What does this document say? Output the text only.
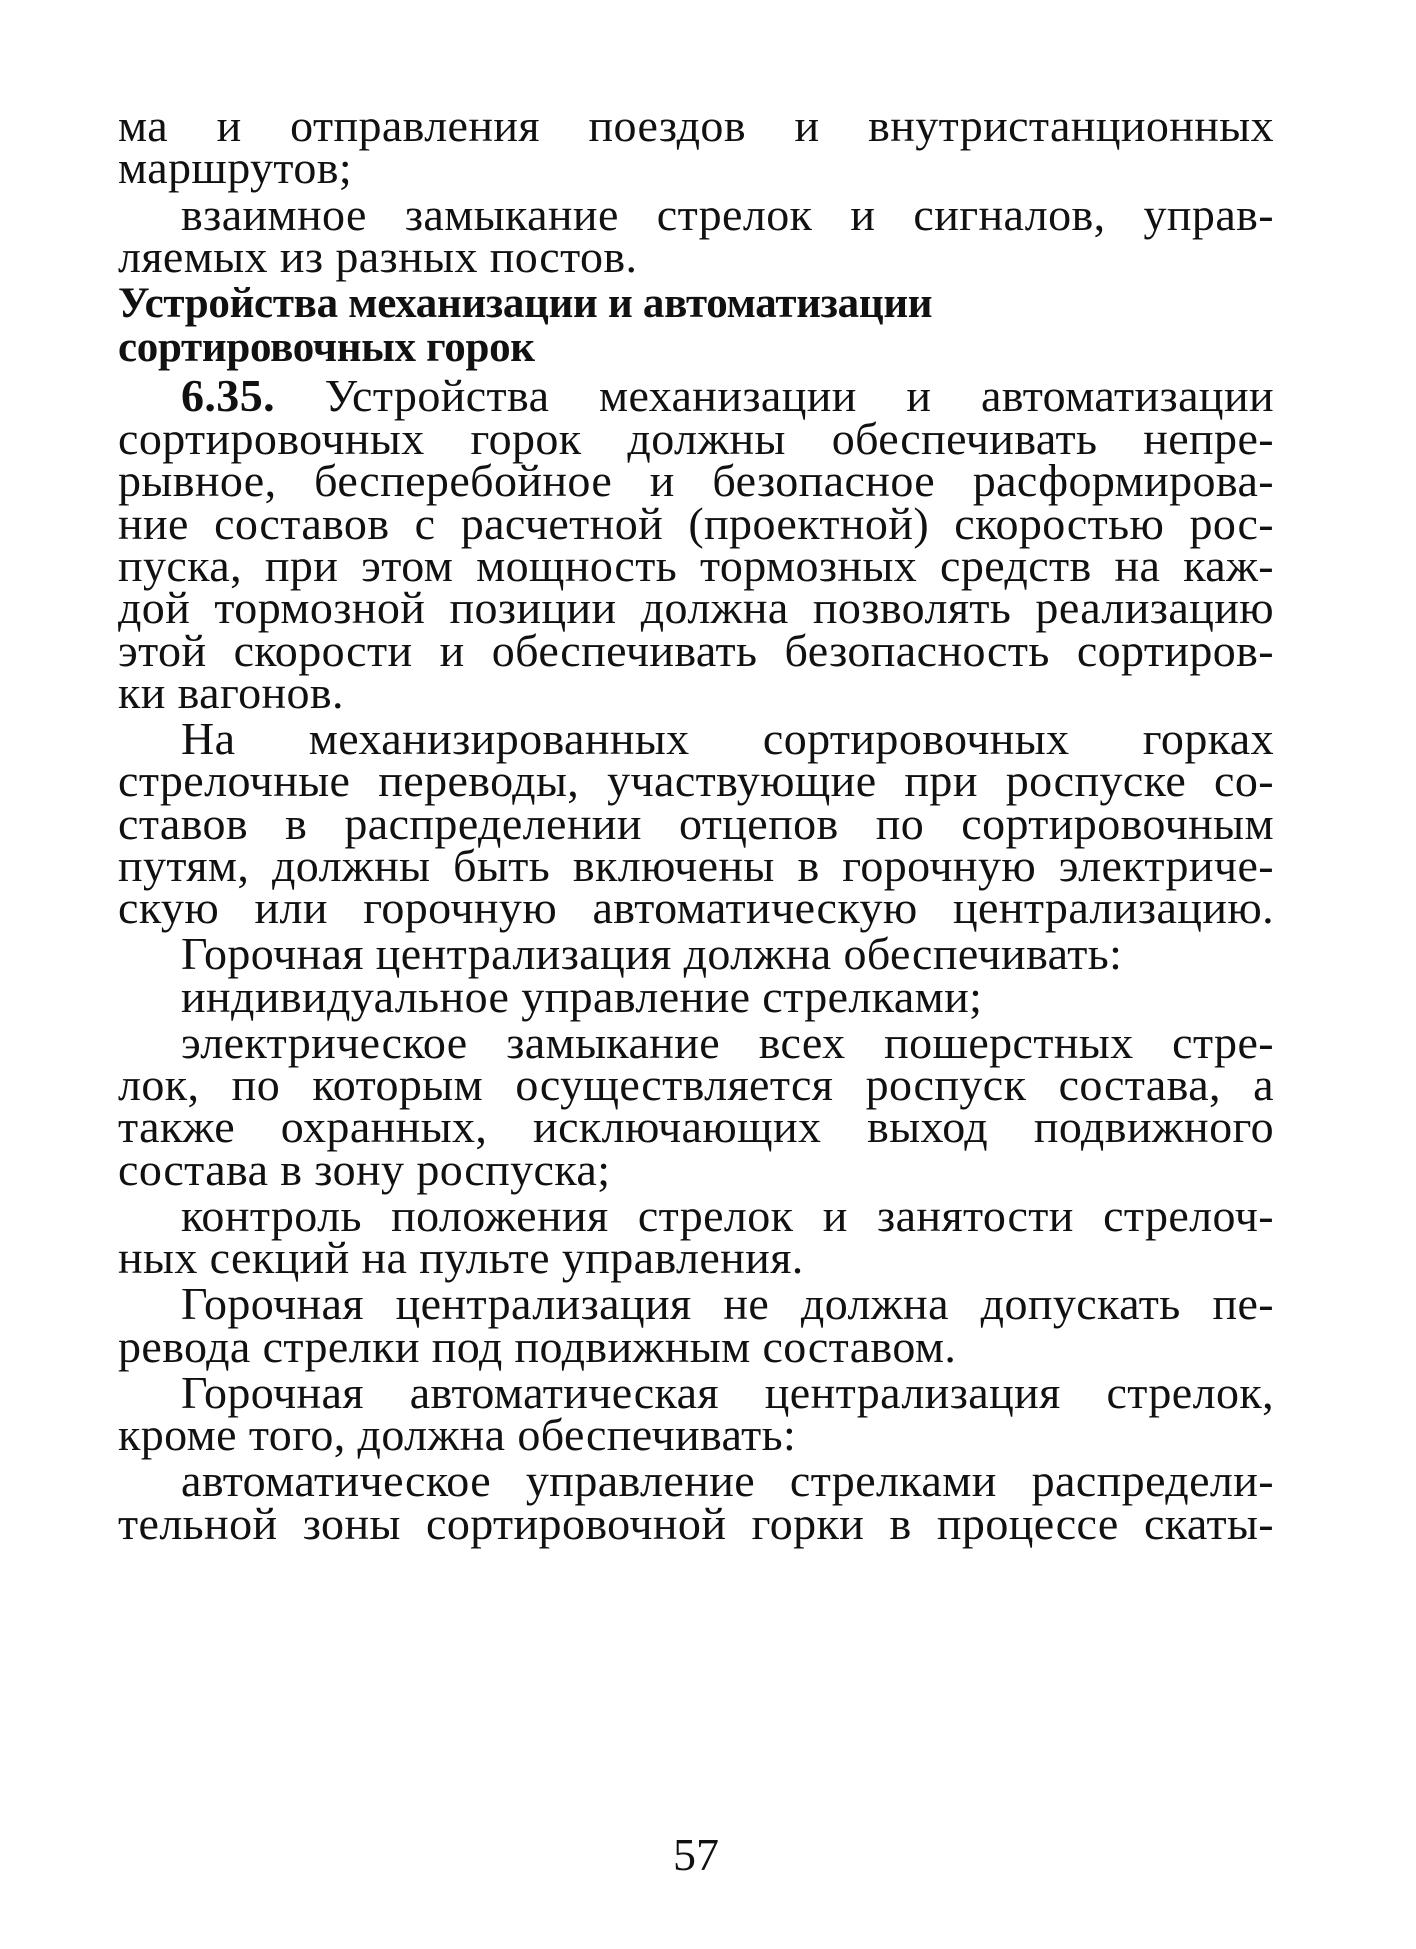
ма и отправления поездов и внутристанционных
маршрутов;
взаимное замыкание стрелок и сигналов, управ-
ляемых из разных постов.
Устройства механизации и автоматизации
сортировочных горок
6.35. Устройства механизации и автоматизации
сортировочных горок должны обеспечивать непре-
рывное, бесперебойное и безопасное расформирова-
ние составов с расчетной (проектной) скоростью рос-
пуска, при этом мощность тормозных средств на каж-
дой тормозной позиции должна позволять реализацию
этой скорости и обеспечивать безопасность сортиров-
ки вагонов.
На механизированных сортировочных горках
стрелочные переводы, участвующие при роспуске со-
ставов в распределении отцепов по сортировочным
путям, должны быть включены в горочную электриче-
скую или горочную автоматическую централизацию.
Горочная централизация должна обеспечивать:
индивидуальное управление стрелками;
электрическое замыкание всех пошерстных стре-
лок, по которым осуществляется роспуск состава, а
также охранных, исключающих выход подвижного
состава в зону роспуска;
контроль положения стрелок и занятости стрелоч-
ных секций на пульте управления.
Горочная централизация не должна допускать пе-
ревода стрелки под подвижным составом.
Горочная автоматическая централизация стрелок,
кроме того, должна обеспечивать:
автоматическое управление стрелками распредели-
тельной зоны сортировочной горки в процессе скаты-
57
